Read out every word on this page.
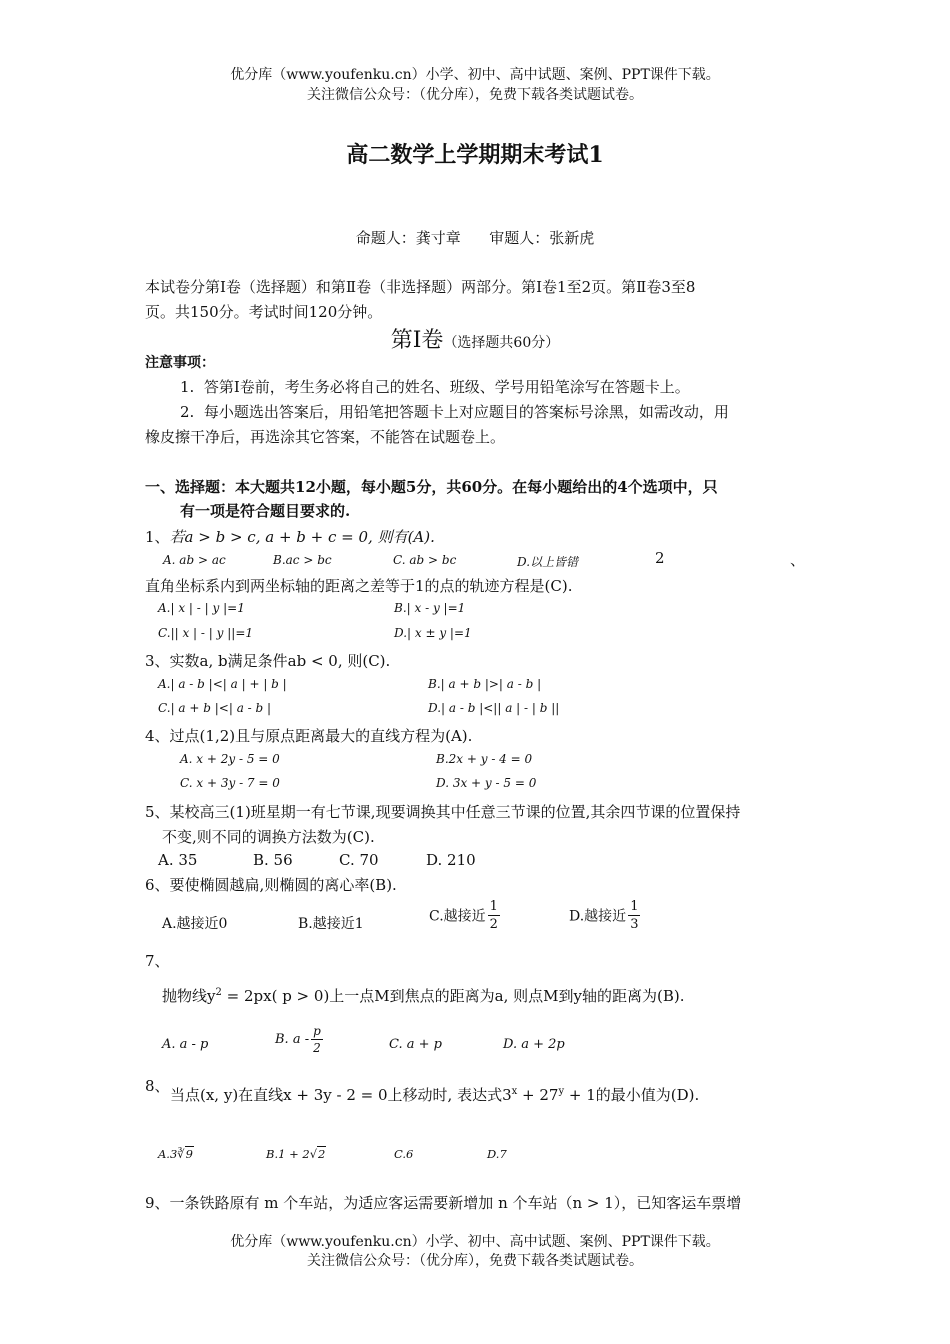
优分库（www.youfenku.cn）小学、初中、高中试题、案例、PPT课件下载。
关注微信公众号：（优分库），免费下载各类试题试卷。
高二数学上学期期末考试1
命题人：龚寸章      审题人：张新虎
本试卷分第Ⅰ卷（选择题）和第Ⅱ卷（非选择题）两部分。第Ⅰ卷1至2页。第Ⅱ卷3至8
页。共150分。考试时间120分钟。
第Ⅰ卷（选择题共60分）
注意事项：
1.  答第Ⅰ卷前，考生务必将自己的姓名、班级、学号用铅笔涂写在答题卡上。
2.  每小题选出答案后，用铅笔把答题卡上对应题目的答案标号涂黑，如需改动，用
橡皮擦干净后，再选涂其它答案，不能答在试题卷上。
一、选择题：本大题共12小题，每小题5分，共60分。在每小题给出的4个选项中，只
有一项是符合题目要求的.
1、若a > b > c, a + b + c = 0, 则有(A).
A. ab > ac	B.ac > bc	C. ab > bc	D.以上皆错	2	、
直角坐标系内到两坐标轴的距离之差等于1的点的轨迹方程是(C).
A.| x | - | y |=1	B.| x - y |=1
C.|| x | - | y ||=1	D.| x ± y |=1
3、实数a, b满足条件ab < 0, 则(C).
A.| a - b |<| a | + | b |	B.| a + b |>| a - b |
C.| a + b |<| a - b |	D.| a - b |<|| a | - | b ||
4、过点(1,2)且与原点距离最大的直线方程为(A).
A. x + 2y - 5 = 0	B.2x + y - 4 = 0
C. x + 3y - 7 = 0	D. 3x + y - 5 = 0
5、某校高三(1)班星期一有七节课,现要调换其中任意三节课的位置,其余四节课的位置保持
不变,则不同的调换方法数为(C).
A. 35	B. 56	C. 70	D. 210
6、要使椭圆越扁,则椭圆的离心率(B).
A.越接近0	B.越接近1	C.越接近 $\frac{1}{2}$	D.越接近 $\frac{1}{3}$
7、
抛物线$y^2 = 2px$( p > 0)上一点M到焦点的距离为a, 则点M到y轴的距离为(B).
A. a - p	B. a - $\frac{p}{2}$	C. a + p	D. a + 2p
8、 当点(x, y)在直线x + 3y - 2 = 0上移动时, 表达式$3^x + 27^y + 1$的最小值为(D).
A.3∛9	B.1 + 2√2	C.6	D.7
9、一条铁路原有 m 个车站，为适应客运需要新增加 n 个车站（n > 1），已知客运车票增
优分库（www.youfenku.cn）小学、初中、高中试题、案例、PPT课件下载。
关注微信公众号：（优分库），免费下载各类试题试卷。
